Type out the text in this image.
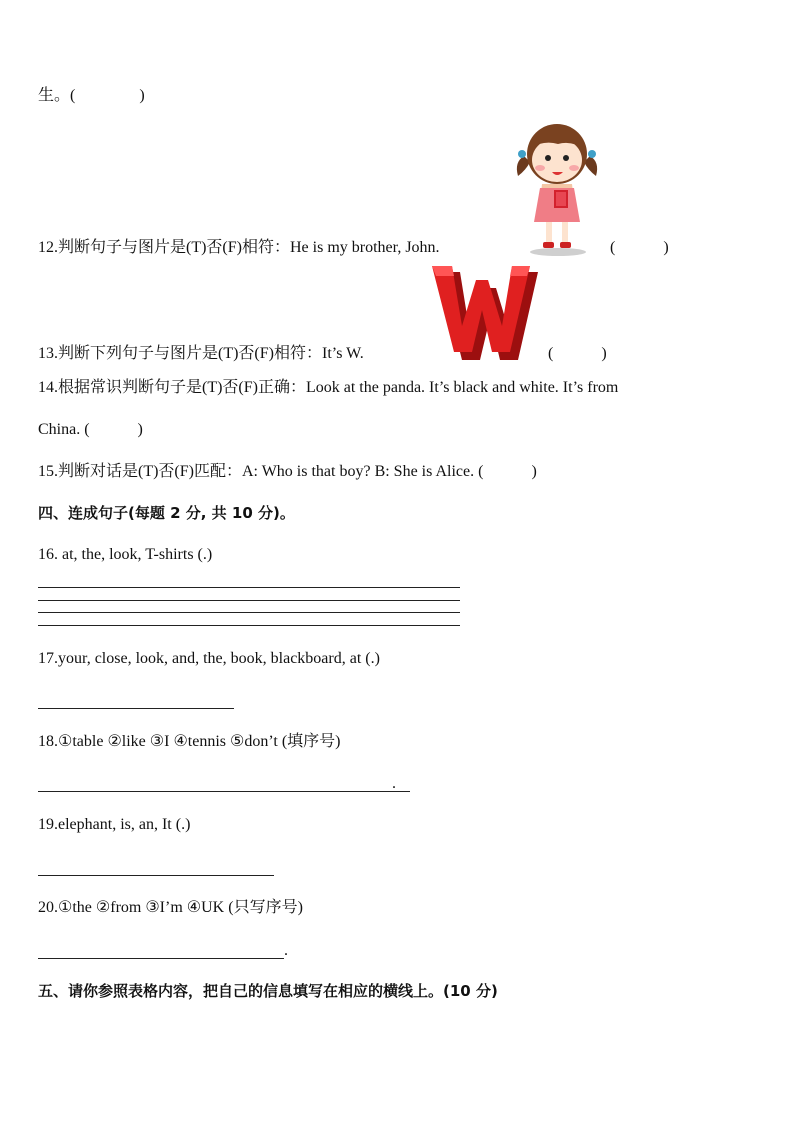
生。(　　　　)
12.判断句子与图片是(T)否(F)相符：He is my brother, John.	(　　　)
13.判断下列句子与图片是(T)否(F)相符：It’s W.	(　　　)
14.根据常识判断句子是(T)否(F)正确：Look at the panda. It’s black and white. It’s from
China. (　　　)
15.判断对话是(T)否(F)匹配：A: Who is that boy? B: She is Alice. (　　　)
四、连成句子(每题 2 分, 共 10 分)。
16. at, the, look, T-shirts (.)
17.your, close, look, and, the, book, blackboard, at (.)
18.①table ②like ③I ④tennis ⑤don’t (填序号)
.
19.elephant, is, an, It (.)
20.①the ②from ③I’m ④UK (只写序号)
.
五、请你参照表格内容，把自己的信息填写在相应的横线上。(10 分)
